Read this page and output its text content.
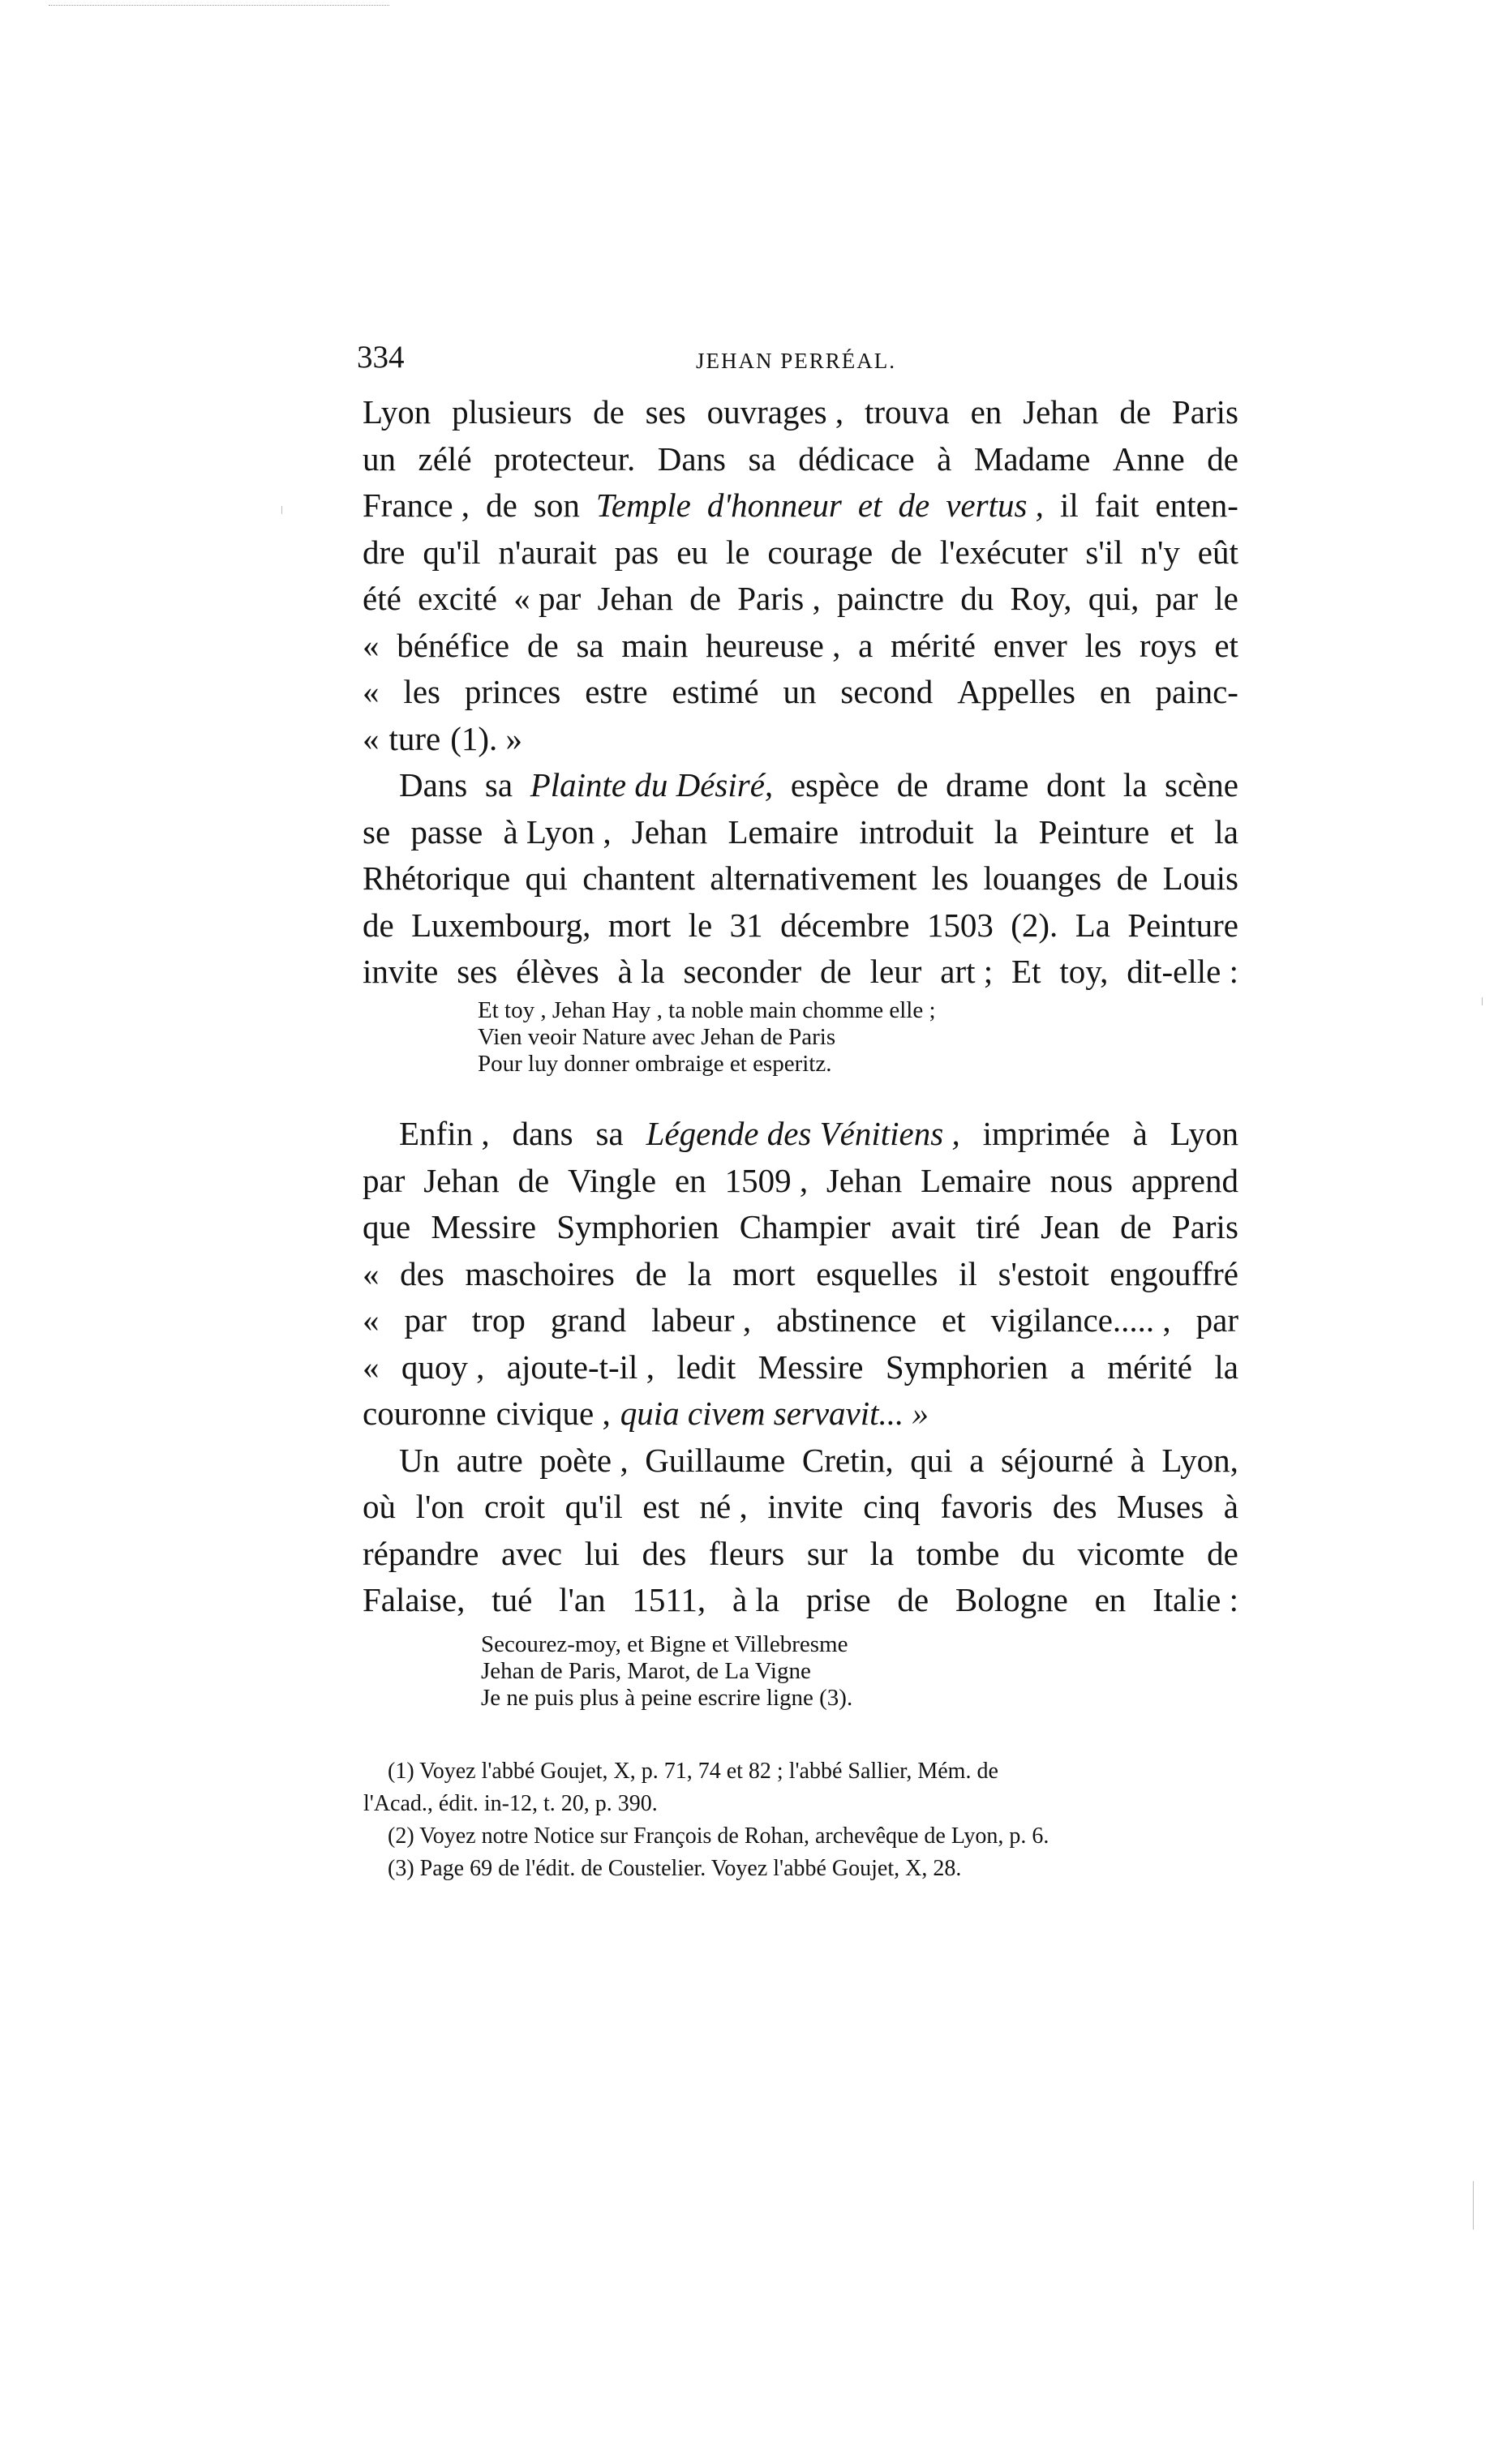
334	JEHAN PERRÉAL.
Lyon plusieurs de ses ouvrages , trouva en Jehan de Paris
un zélé protecteur. Dans sa dédicace à Madame Anne de
France , de son Temple d'honneur et de vertus , il fait enten-
dre qu'il n'aurait pas eu le courage de l'exécuter s'il n'y eût
été excité « par Jehan de Paris , painctre du Roy, qui, par le
« bénéfice de sa main heureuse , a mérité enver les roys et
« les princes estre estimé un second Appelles en painc-
« ture (1). »
Dans sa Plainte du Désiré, espèce de drame dont la scène
se passe à Lyon , Jehan Lemaire introduit la Peinture et la
Rhétorique qui chantent alternativement les louanges de Louis
de Luxembourg, mort le 31 décembre 1503 (2). La Peinture
invite ses élèves à la seconder de leur art ; Et toy, dit-elle :
Et toy , Jehan Hay , ta noble main chomme elle ;
Vien veoir Nature avec Jehan de Paris
Pour luy donner ombraige et esperitz.
Enfin , dans sa Légende des Vénitiens , imprimée à Lyon
par Jehan de Vingle en 1509 , Jehan Lemaire nous apprend
que Messire Symphorien Champier avait tiré Jean de Paris
« des maschoires de la mort esquelles il s'estoit engouffré
« par trop grand labeur , abstinence et vigilance..... , par
« quoy , ajoute-t-il , ledit Messire Symphorien a mérité la
couronne civique , quia civem servavit... »
Un autre poète , Guillaume Cretin, qui a séjourné à Lyon,
où l'on croit qu'il est né , invite cinq favoris des Muses à
répandre avec lui des fleurs sur la tombe du vicomte de
Falaise, tué l'an 1511, à la prise de Bologne en Italie :
Secourez-moy, et Bigne et Villebresme
Jehan de Paris, Marot, de La Vigne
Je ne puis plus à peine escrire ligne (3).
(1) Voyez l'abbé Goujet, X, p. 71, 74 et 82 ; l'abbé Sallier, Mém. de
l'Acad., édit. in-12, t. 20, p. 390.
(2) Voyez notre Notice sur François de Rohan, archevêque de Lyon, p. 6.
(3) Page 69 de l'édit. de Coustelier. Voyez l'abbé Goujet, X, 28.
